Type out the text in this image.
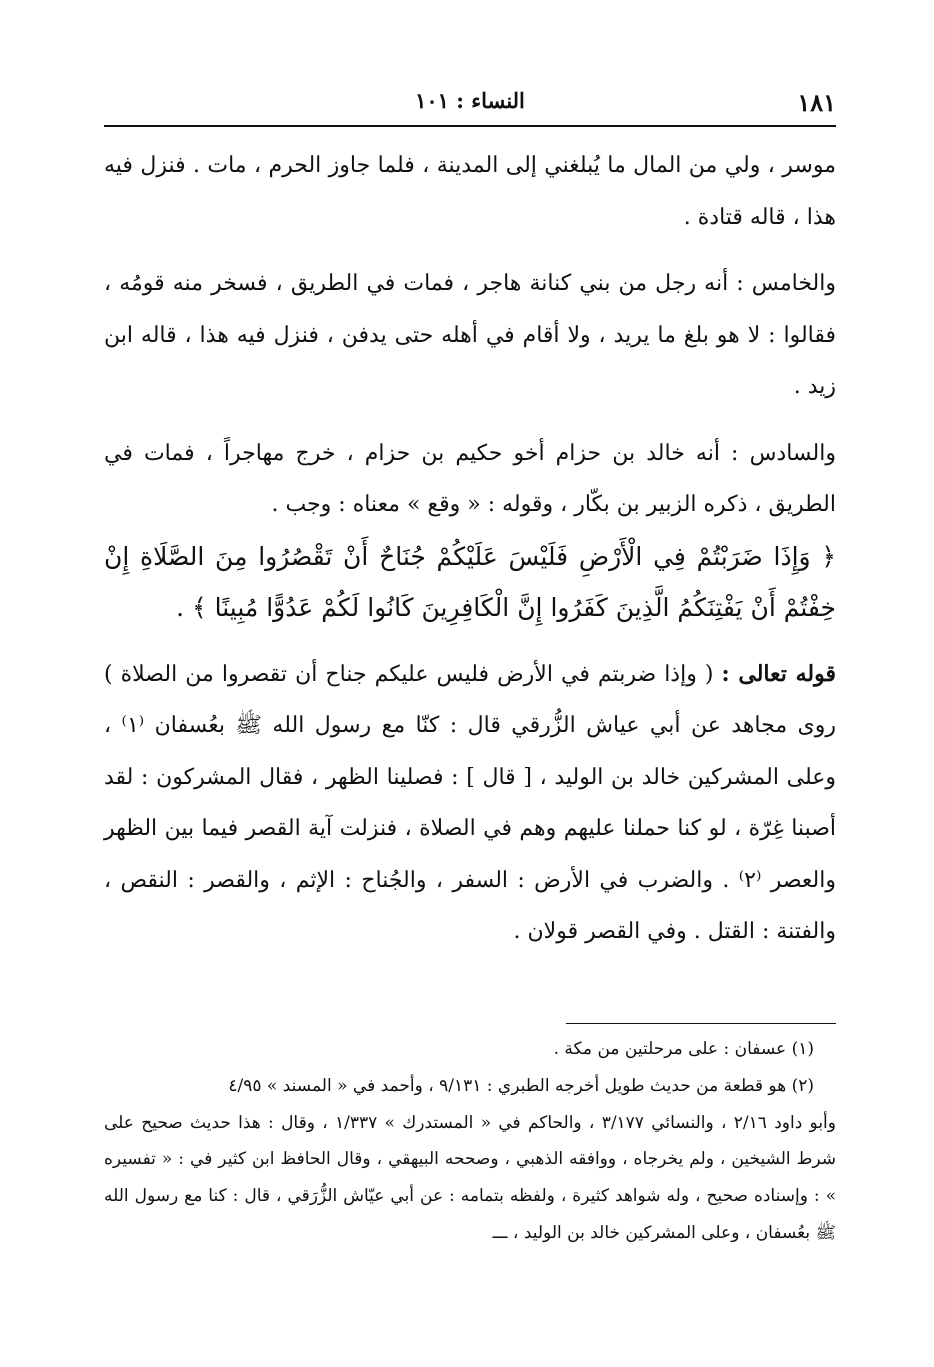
١٨١
النساء : ١٠١

موسر ، ولي من المال ما يُبلغني إلى المدينة ، فلما جاوز الحرم ، مات . فنزل فيه هذا ، قاله قتادة .

والخامس : أنه رجل من بني كنانة هاجر ، فمات في الطريق ، فسخر منه قومُه ، فقالوا : لا هو بلغ ما يريد ، ولا أقام في أهله حتى يدفن ، فنزل فيه هذا ، قاله ابن زيد .

والسادس : أنه خالد بن حزام أخو حكيم بن حزام ، خرج مهاجراً ، فمات في الطريق ، ذكره الزبير بن بكّار ، وقوله : « وقع » معناه : وجب .

﴿ وَإِذَا ضَرَبْتُمْ فِي الْأَرْضِ فَلَيْسَ عَلَيْكُمْ جُنَاحٌ أَنْ تَقْصُرُوا مِنَ الصَّلَاةِ إِنْ خِفْتُمْ أَنْ يَفْتِنَكُمُ الَّذِينَ كَفَرُوا إِنَّ الْكَافِرِينَ كَانُوا لَكُمْ عَدُوًّا مُبِينًا ﴾ .

قوله تعالى : ( وإذا ضربتم في الأرض فليس عليكم جناح أن تقصروا من الصلاة ) روى مجاهد عن أبي عياش الزُّرقي قال : كنّا مع رسول الله ﷺ بعُسفان ⁽١⁾ ، وعلى المشركين خالد بن الوليد ، [ قال ] : فصلينا الظهر ، فقال المشركون : لقد أصبنا غِرّة ، لو كنا حملنا عليهم وهم في الصلاة ، فنزلت آية القصر فيما بين الظهر والعصر ⁽٢⁾ . والضرب في الأرض : السفر ، والجُناح : الإثم ، والقصر : النقص ، والفتنة : القتل . وفي القصر قولان .

(١) عسفان : على مرحلتين من مكة .

(٢) هو قطعة من حديث طويل أخرجه الطبري : ٩/١٣١ ، وأحمد في « المسند » ٤/٩٥

وأبو داود ٢/١٦ ، والنسائي ٣/١٧٧ ، والحاكم في « المستدرك » ١/٣٣٧ ، وقال : هذا حديث صحيح على شرط الشيخين ، ولم يخرجاه ، ووافقه الذهبي ، وصححه البيهقي ، وقال الحافظ ابن كثير في : « تفسيره » : وإسناده صحيح ، وله شواهد كثيرة ، ولفظه بتمامه : عن أبي عيّاش الزُّرَقي ، قال : كنا مع رسول الله ﷺ بعُسفان ، وعلى المشركين خالد بن الوليد ، ـــ
